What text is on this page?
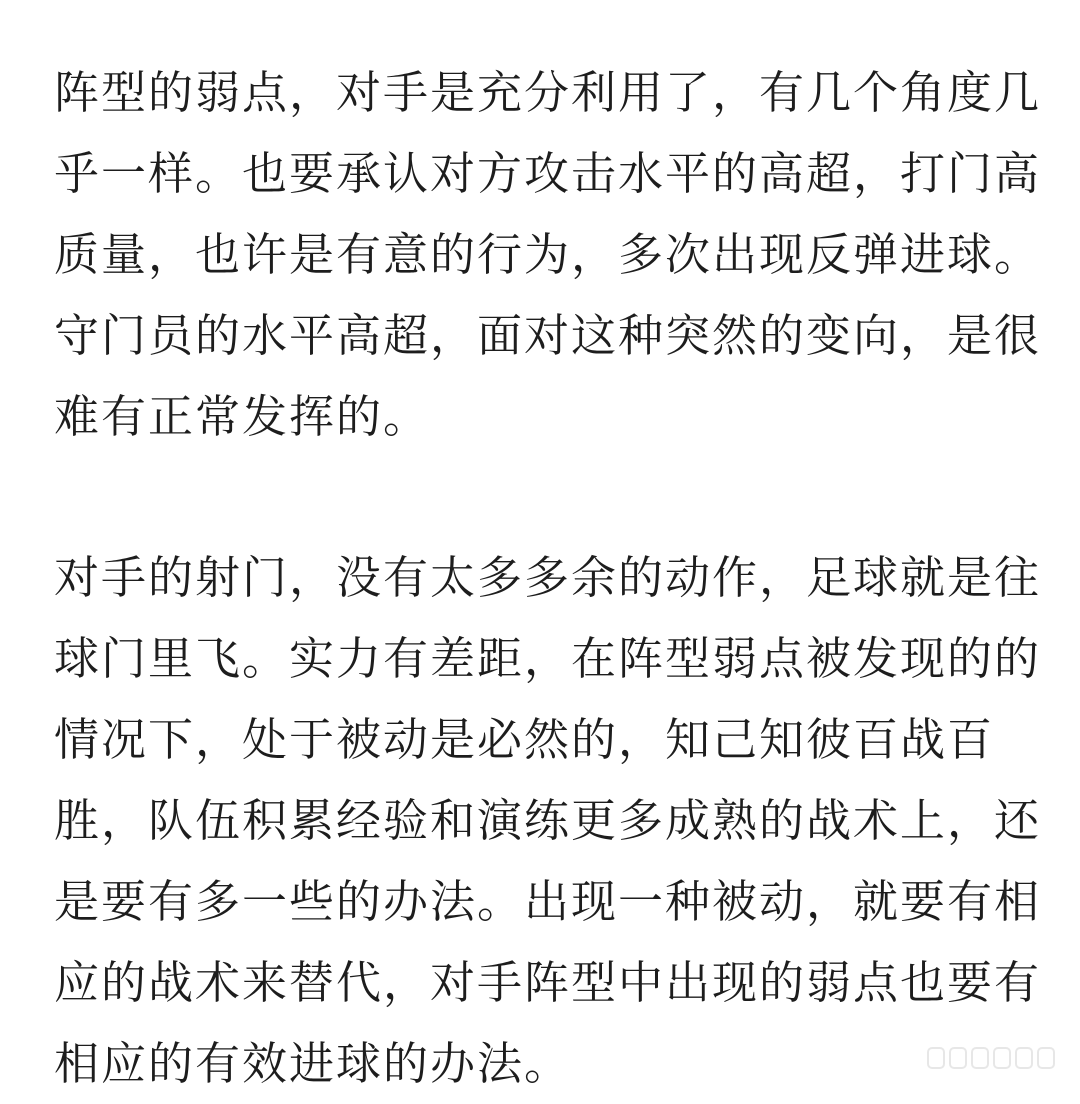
阵型的弱点，对手是充分利用了，有几个角度几
乎一样。也要承认对方攻击水平的高超，打门高
质量，也许是有意的行为，多次出现反弹进球。
守门员的水平高超，面对这种突然的变向，是很
难有正常发挥的。
对手的射门，没有太多多余的动作，足球就是往
球门里飞。实力有差距，在阵型弱点被发现的的
情况下，处于被动是必然的，知己知彼百战百
胜，队伍积累经验和演练更多成熟的战术上，还
是要有多一些的办法。出现一种被动，就要有相
应的战术来替代，对手阵型中出现的弱点也要有
相应的有效进球的办法。
